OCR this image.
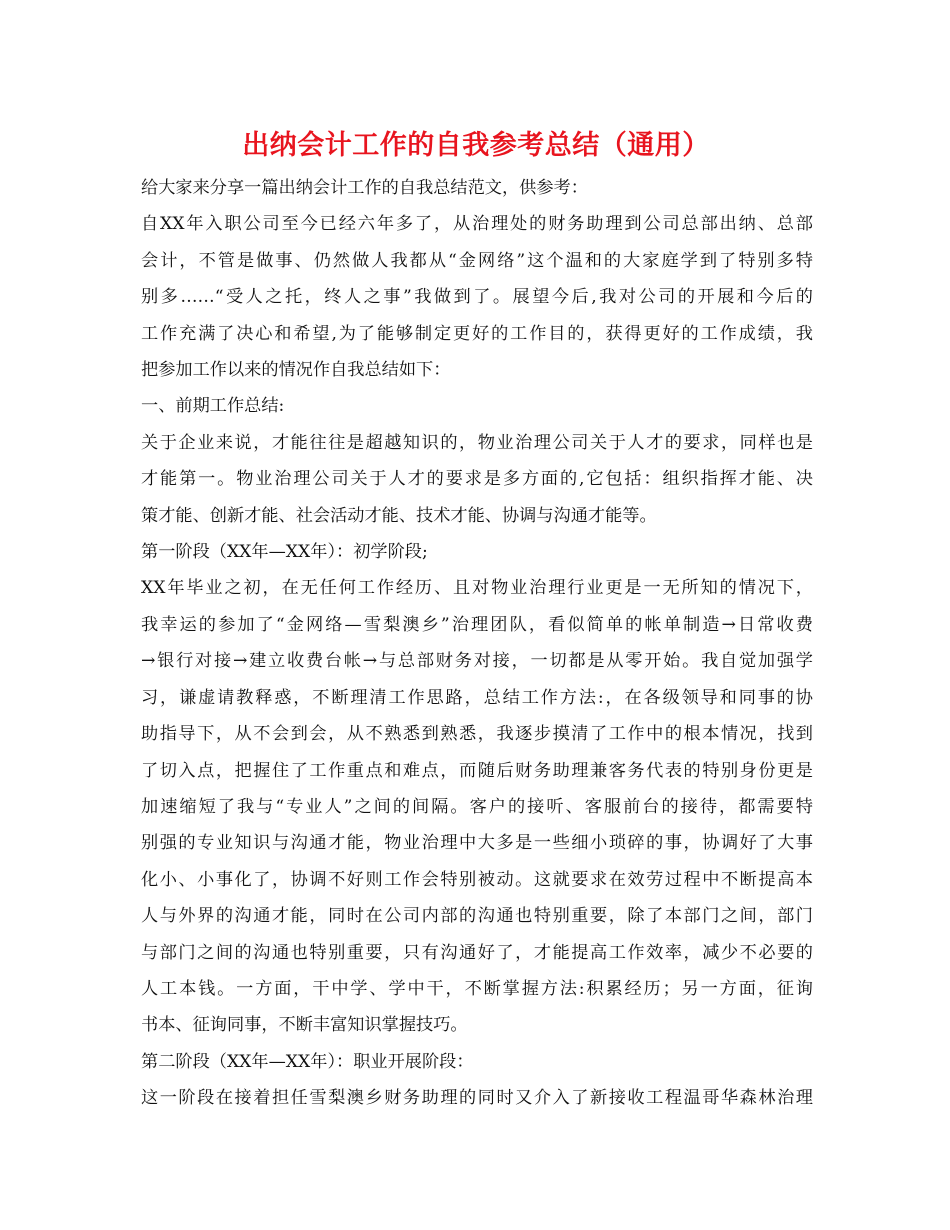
出纳会计工作的自我参考总结（通用）
给大家来分享一篇出纳会计工作的自我总结范文，供参考：
自XX年入职公司至今已经六年多了，从治理处的财务助理到公司总部出纳、总部
会计，不管是做事、仍然做人我都从“金网络”这个温和的大家庭学到了特别多特
别多……“受人之托，终人之事”我做到了。展望今后,我对公司的开展和今后的
工作充满了决心和希望,为了能够制定更好的工作目的，获得更好的工作成绩，我
把参加工作以来的情况作自我总结如下：
一、前期工作总结:
关于企业来说，才能往往是超越知识的，物业治理公司关于人才的要求，同样也是
才能第一。物业治理公司关于人才的要求是多方面的,它包括：组织指挥才能、决
策才能、创新才能、社会活动才能、技术才能、协调与沟通才能等。
第一阶段（XX年—XX年）：初学阶段;
XX年毕业之初，在无任何工作经历、且对物业治理行业更是一无所知的情况下，
我幸运的参加了“金网络—雪梨澳乡”治理团队，看似简单的帐单制造→日常收费
→银行对接→建立收费台帐→与总部财务对接，一切都是从零开始。我自觉加强学
习，谦虚请教释惑，不断理清工作思路，总结工作方法:，在各级领导和同事的协
助指导下，从不会到会，从不熟悉到熟悉，我逐步摸清了工作中的根本情况，找到
了切入点，把握住了工作重点和难点，而随后财务助理兼客务代表的特别身份更是
加速缩短了我与“专业人”之间的间隔。客户的接听、客服前台的接待，都需要特
别强的专业知识与沟通才能，物业治理中大多是一些细小琐碎的事，协调好了大事
化小、小事化了，协调不好则工作会特别被动。这就要求在效劳过程中不断提高本
人与外界的沟通才能，同时在公司内部的沟通也特别重要，除了本部门之间，部门
与部门之间的沟通也特别重要，只有沟通好了，才能提高工作效率，减少不必要的
人工本钱。一方面，干中学、学中干，不断掌握方法:积累经历；另一方面，征询
书本、征询同事，不断丰富知识掌握技巧。
第二阶段（XX年—XX年）：职业开展阶段：
这一阶段在接着担任雪梨澳乡财务助理的同时又介入了新接收工程温哥华森林治理
